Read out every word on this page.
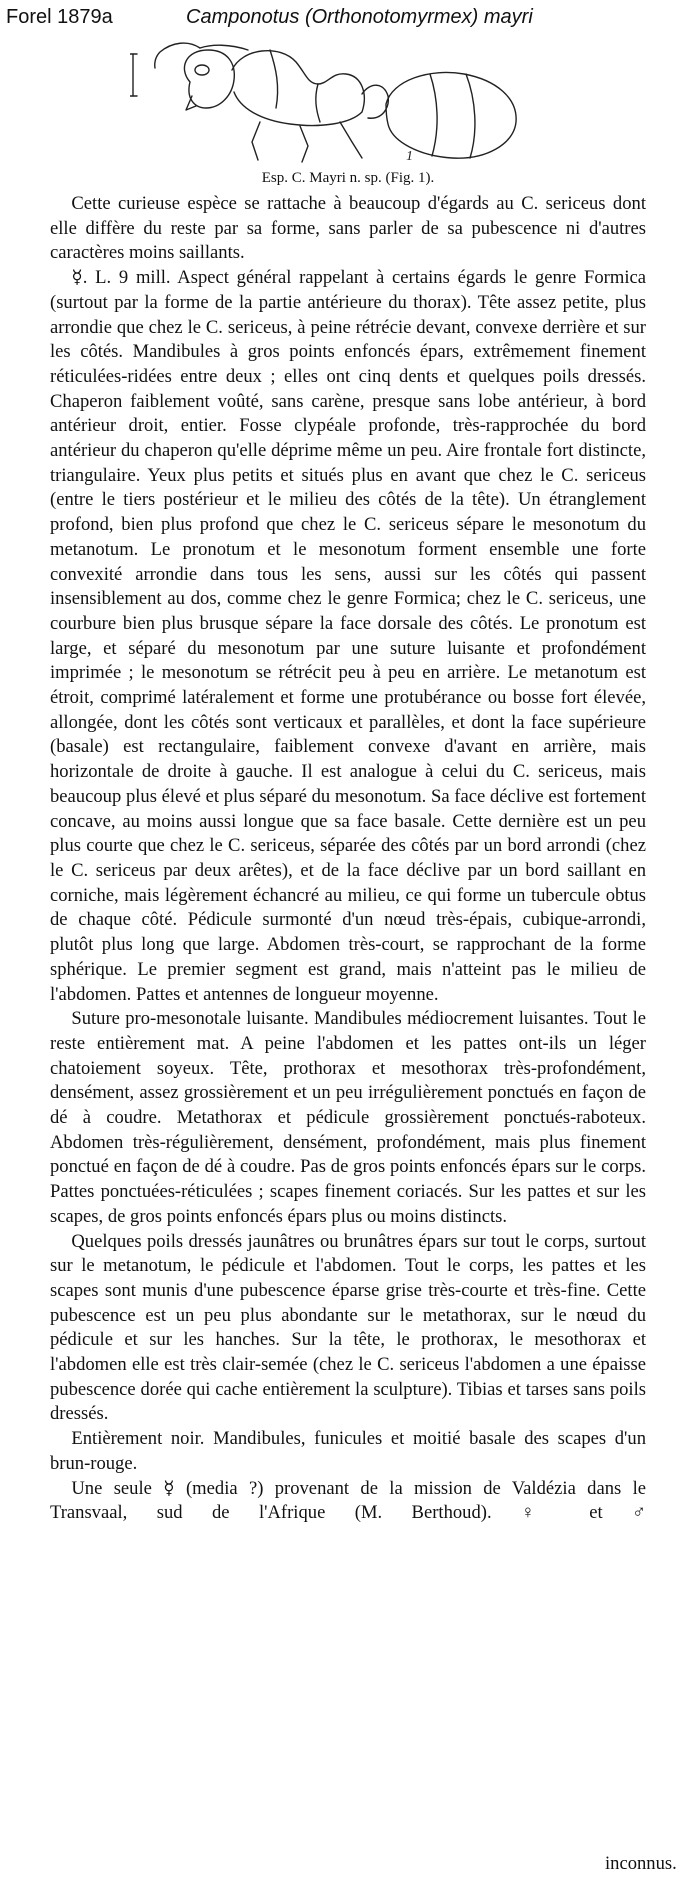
Forel 1879a	Camponotus (Orthonotomyrmex) mayri
1
Esp. C. Mayri n. sp. (Fig. 1).

Cette curieuse espèce se rattache à beaucoup d'égards au C. sericeus dont elle diffère du reste par sa forme, sans parler de sa pubescence ni d'autres caractères moins saillants.

☿. L. 9 mill. Aspect général rappelant à certains égards le genre Formica (surtout par la forme de la partie antérieure du thorax). Tête assez petite, plus arrondie que chez le C. sericeus, à peine rétrécie devant, convexe derrière et sur les côtés. Mandibules à gros points enfoncés épars, extrêmement finement réticulées-ridées entre deux ; elles ont cinq dents et quelques poils dressés. Chaperon faiblement voûté, sans carène, presque sans lobe antérieur, à bord antérieur droit, entier. Fosse clypéale profonde, très-rapprochée du bord antérieur du chaperon qu'elle déprime même un peu. Aire frontale fort distincte, triangulaire. Yeux plus petits et situés plus en avant que chez le C. sericeus (entre le tiers postérieur et le milieu des côtés de la tête). Un étranglement profond, bien plus profond que chez le C. sericeus sépare le mesonotum du metanotum. Le pronotum et le mesonotum forment ensemble une forte convexité arrondie dans tous les sens, aussi sur les côtés qui passent insensiblement au dos, comme chez le genre Formica; chez le C. sericeus, une courbure bien plus brusque sépare la face dorsale des côtés. Le pronotum est large, et séparé du mesonotum par une suture luisante et profondément imprimée ; le mesonotum se rétrécit peu à peu en arrière. Le metanotum est étroit, comprimé latéralement et forme une protubérance ou bosse fort élevée, allongée, dont les côtés sont verticaux et parallèles, et dont la face supérieure (basale) est rectangulaire, faiblement convexe d'avant en arrière, mais horizontale de droite à gauche. Il est analogue à celui du C. sericeus, mais beaucoup plus élevé et plus séparé du mesonotum. Sa face déclive est fortement concave, au moins aussi longue que sa face basale. Cette dernière est un peu plus courte que chez le C. sericeus, séparée des côtés par un bord arrondi (chez le C. sericeus par deux arêtes), et de la face déclive par un bord saillant en corniche, mais légèrement échancré au milieu, ce qui forme un tubercule obtus de chaque côté. Pédicule surmonté d'un nœud très-épais, cubique-arrondi, plutôt plus long que large. Abdomen très-court, se rapprochant de la forme sphérique. Le premier segment est grand, mais n'atteint pas le milieu de l'abdomen. Pattes et antennes de longueur moyenne.

Suture pro-mesonotale luisante. Mandibules médiocrement luisantes. Tout le reste entièrement mat. A peine l'abdomen et les pattes ont-ils un léger chatoiement soyeux. Tête, prothorax et mesothorax très-profondément, densément, assez grossièrement et un peu irrégulièrement ponctués en façon de dé à coudre. Metathorax et pédicule grossièrement ponctués-raboteux. Abdomen très-régulièrement, densément, profondément, mais plus finement ponctué en façon de dé à coudre. Pas de gros points enfoncés épars sur le corps. Pattes ponctuées-réticulées ; scapes finement coriacés. Sur les pattes et sur les scapes, de gros points enfoncés épars plus ou moins distincts.

Quelques poils dressés jaunâtres ou brunâtres épars sur tout le corps, surtout sur le metanotum, le pédicule et l'abdomen. Tout le corps, les pattes et les scapes sont munis d'une pubescence éparse grise très-courte et très-fine. Cette pubescence est un peu plus abondante sur le metathorax, sur le nœud du pédicule et sur les hanches. Sur la tête, le prothorax, le mesothorax et l'abdomen elle est très clair-semée (chez le C. sericeus l'abdomen a une épaisse pubescence dorée qui cache entièrement la sculpture). Tibias et tarses sans poils dressés.

Entièrement noir. Mandibules, funicules et moitié basale des scapes d'un brun-rouge.

Une seule ☿ (media ?) provenant de la mission de Valdézia dans le Transvaal, sud de l'Afrique (M. Berthoud). ♀ et ♂

inconnus.
